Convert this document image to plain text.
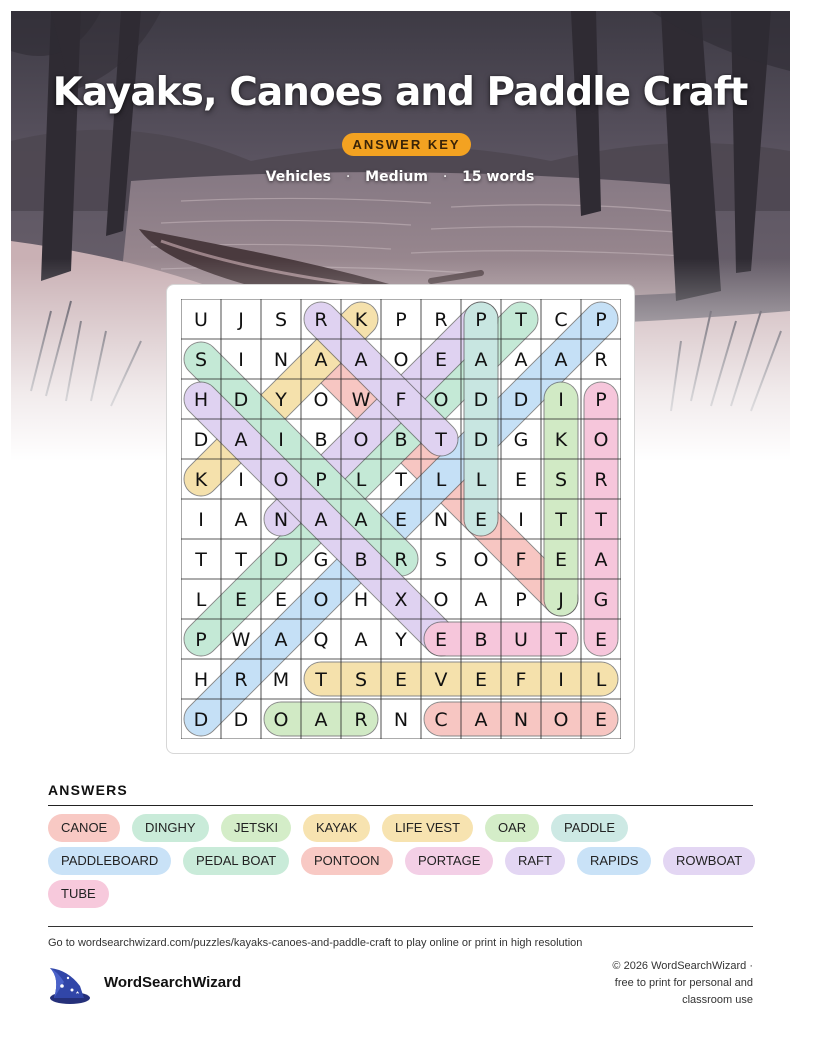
Kayaks, Canoes and Paddle Craft
ANSWER KEY
Vehicles · Medium · 15 words
U J S R K P R P T C P
S I N A A O E A A A R
H D Y O W F O D D I P
D A I B O B T D G K O
K I O P L T L L E S R
I A N A A E N E I T T
T T D G B R S O F E A
L E E O H X O A P J G
P W A Q A Y E B U T E
H R M T S E V E F I L
D D O A R N C A N O E
ANSWERS
CANOE	DINGHY	JETSKI	KAYAK	LIFE VEST	OAR	PADDLE
PADDLEBOARD	PEDAL BOAT	PONTOON	PORTAGE	RAFT	RAPIDS	ROWBOAT
TUBE
Go to wordsearchwizard.com/puzzles/kayaks-canoes-and-paddle-craft to play online or print in high resolution
WordSearchWizard
© 2026 WordSearchWizard ·
free to print for personal and
classroom use
